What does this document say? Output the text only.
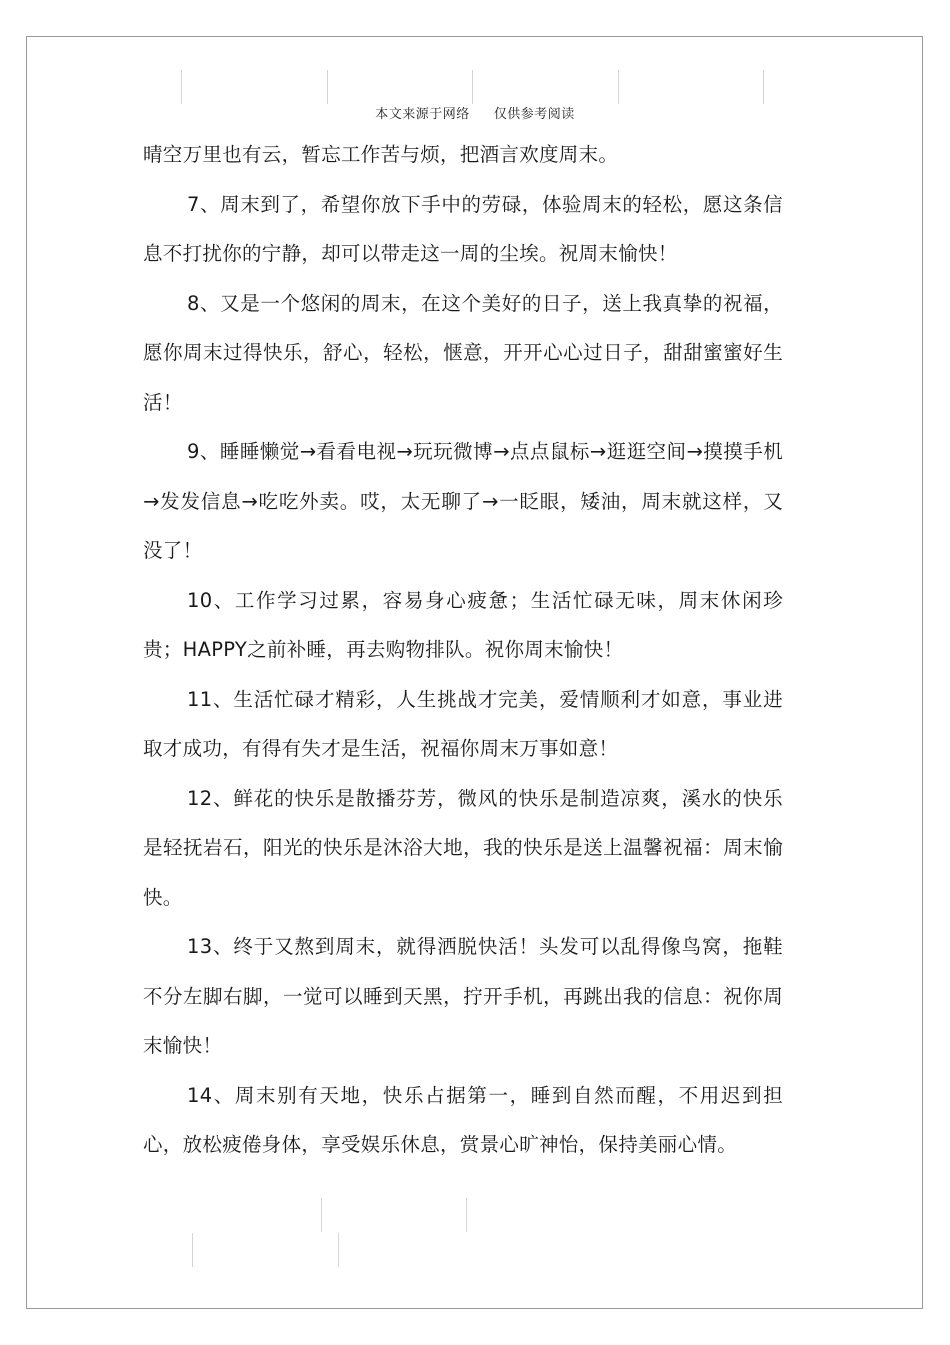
本文来源于网络 仅供参考阅读

晴空万里也有云，暂忘工作苦与烦，把酒言欢度周末。

7、周末到了，希望你放下手中的劳碌，体验周末的轻松，愿这条信息不打扰你的宁静，却可以带走这一周的尘埃。祝周末愉快！

8、又是一个悠闲的周末，在这个美好的日子，送上我真挚的祝福，愿你周末过得快乐，舒心，轻松，惬意，开开心心过日子，甜甜蜜蜜好生活！

9、睡睡懒觉→看看电视→玩玩微博→点点鼠标→逛逛空间→摸摸手机→发发信息→吃吃外卖。哎，太无聊了→一眨眼，矮油，周末就这样，又没了！

10、工作学习过累，容易身心疲惫；生活忙碌无味，周末休闲珍贵；HAPPY之前补睡，再去购物排队。祝你周末愉快！

11、生活忙碌才精彩，人生挑战才完美，爱情顺利才如意，事业进取才成功，有得有失才是生活，祝福你周末万事如意！

12、鲜花的快乐是散播芬芳，微风的快乐是制造凉爽，溪水的快乐是轻抚岩石，阳光的快乐是沐浴大地，我的快乐是送上温馨祝福：周末愉快。

13、终于又熬到周末，就得洒脱快活！头发可以乱得像鸟窝，拖鞋不分左脚右脚，一觉可以睡到天黑，拧开手机，再跳出我的信息：祝你周末愉快！

14、周末别有天地，快乐占据第一，睡到自然而醒，不用迟到担心，放松疲倦身体，享受娱乐休息，赏景心旷神怡，保持美丽心情。
